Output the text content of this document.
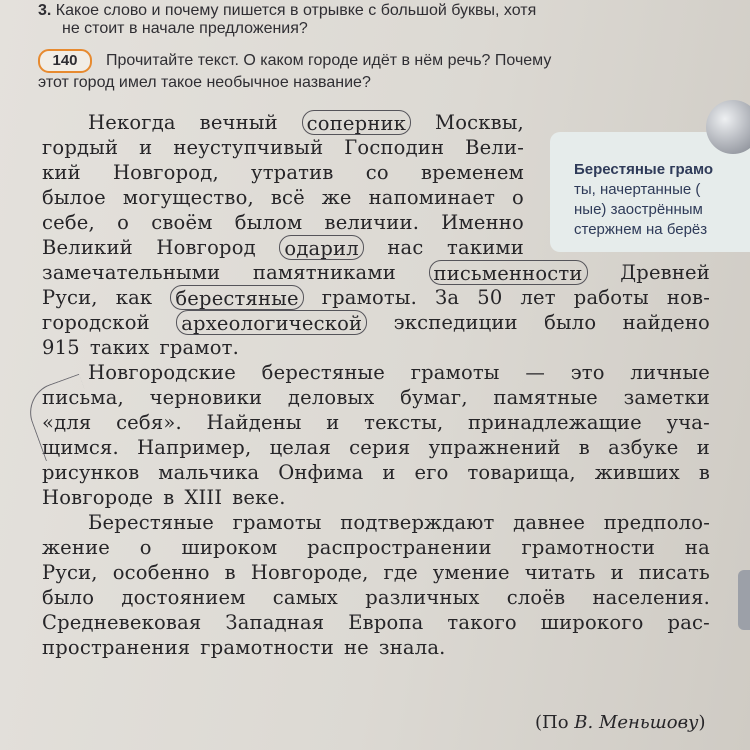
3. Какое слово и почему пишется в отрывке с большой буквы, хотя
не стоит в начале предложения?
140 Прочитайте текст. О каком городе идёт в нём речь? Почему
этот город имел такое необычное название?
Берестяные грамо
ты, начертанные (
ные) заострённым
стержнем на берёз
Некогда вечный соперник Москвы,
гордый и неуступчивый Господин Вели-
кий Новгород, утратив со временем
былое могущество, всё же напоминает о
себе, о своём былом величии. Именно
Великий Новгород одарил нас такими
замечательными памятниками письменности Древней
Руси, как берестяные грамоты. За 50 лет работы нов-
городской археологической экспедиции было найдено
915 таких грамот.
Новгородские берестяные грамоты — это личные
письма, черновики деловых бумаг, памятные заметки
«для себя». Найдены и тексты, принадлежащие уча-
щимся. Например, целая серия упражнений в азбуке и
рисунков мальчика Онфима и его товарища, живших в
Новгороде в XIII веке.
Берестяные грамоты подтверждают давнее предполо-
жение о широком распространении грамотности на
Руси, особенно в Новгороде, где умение читать и писать
было достоянием самых различных слоёв населения.
Средневековая Западная Европа такого широкого рас-
пространения грамотности не знала.
(По В. Меньшову)
